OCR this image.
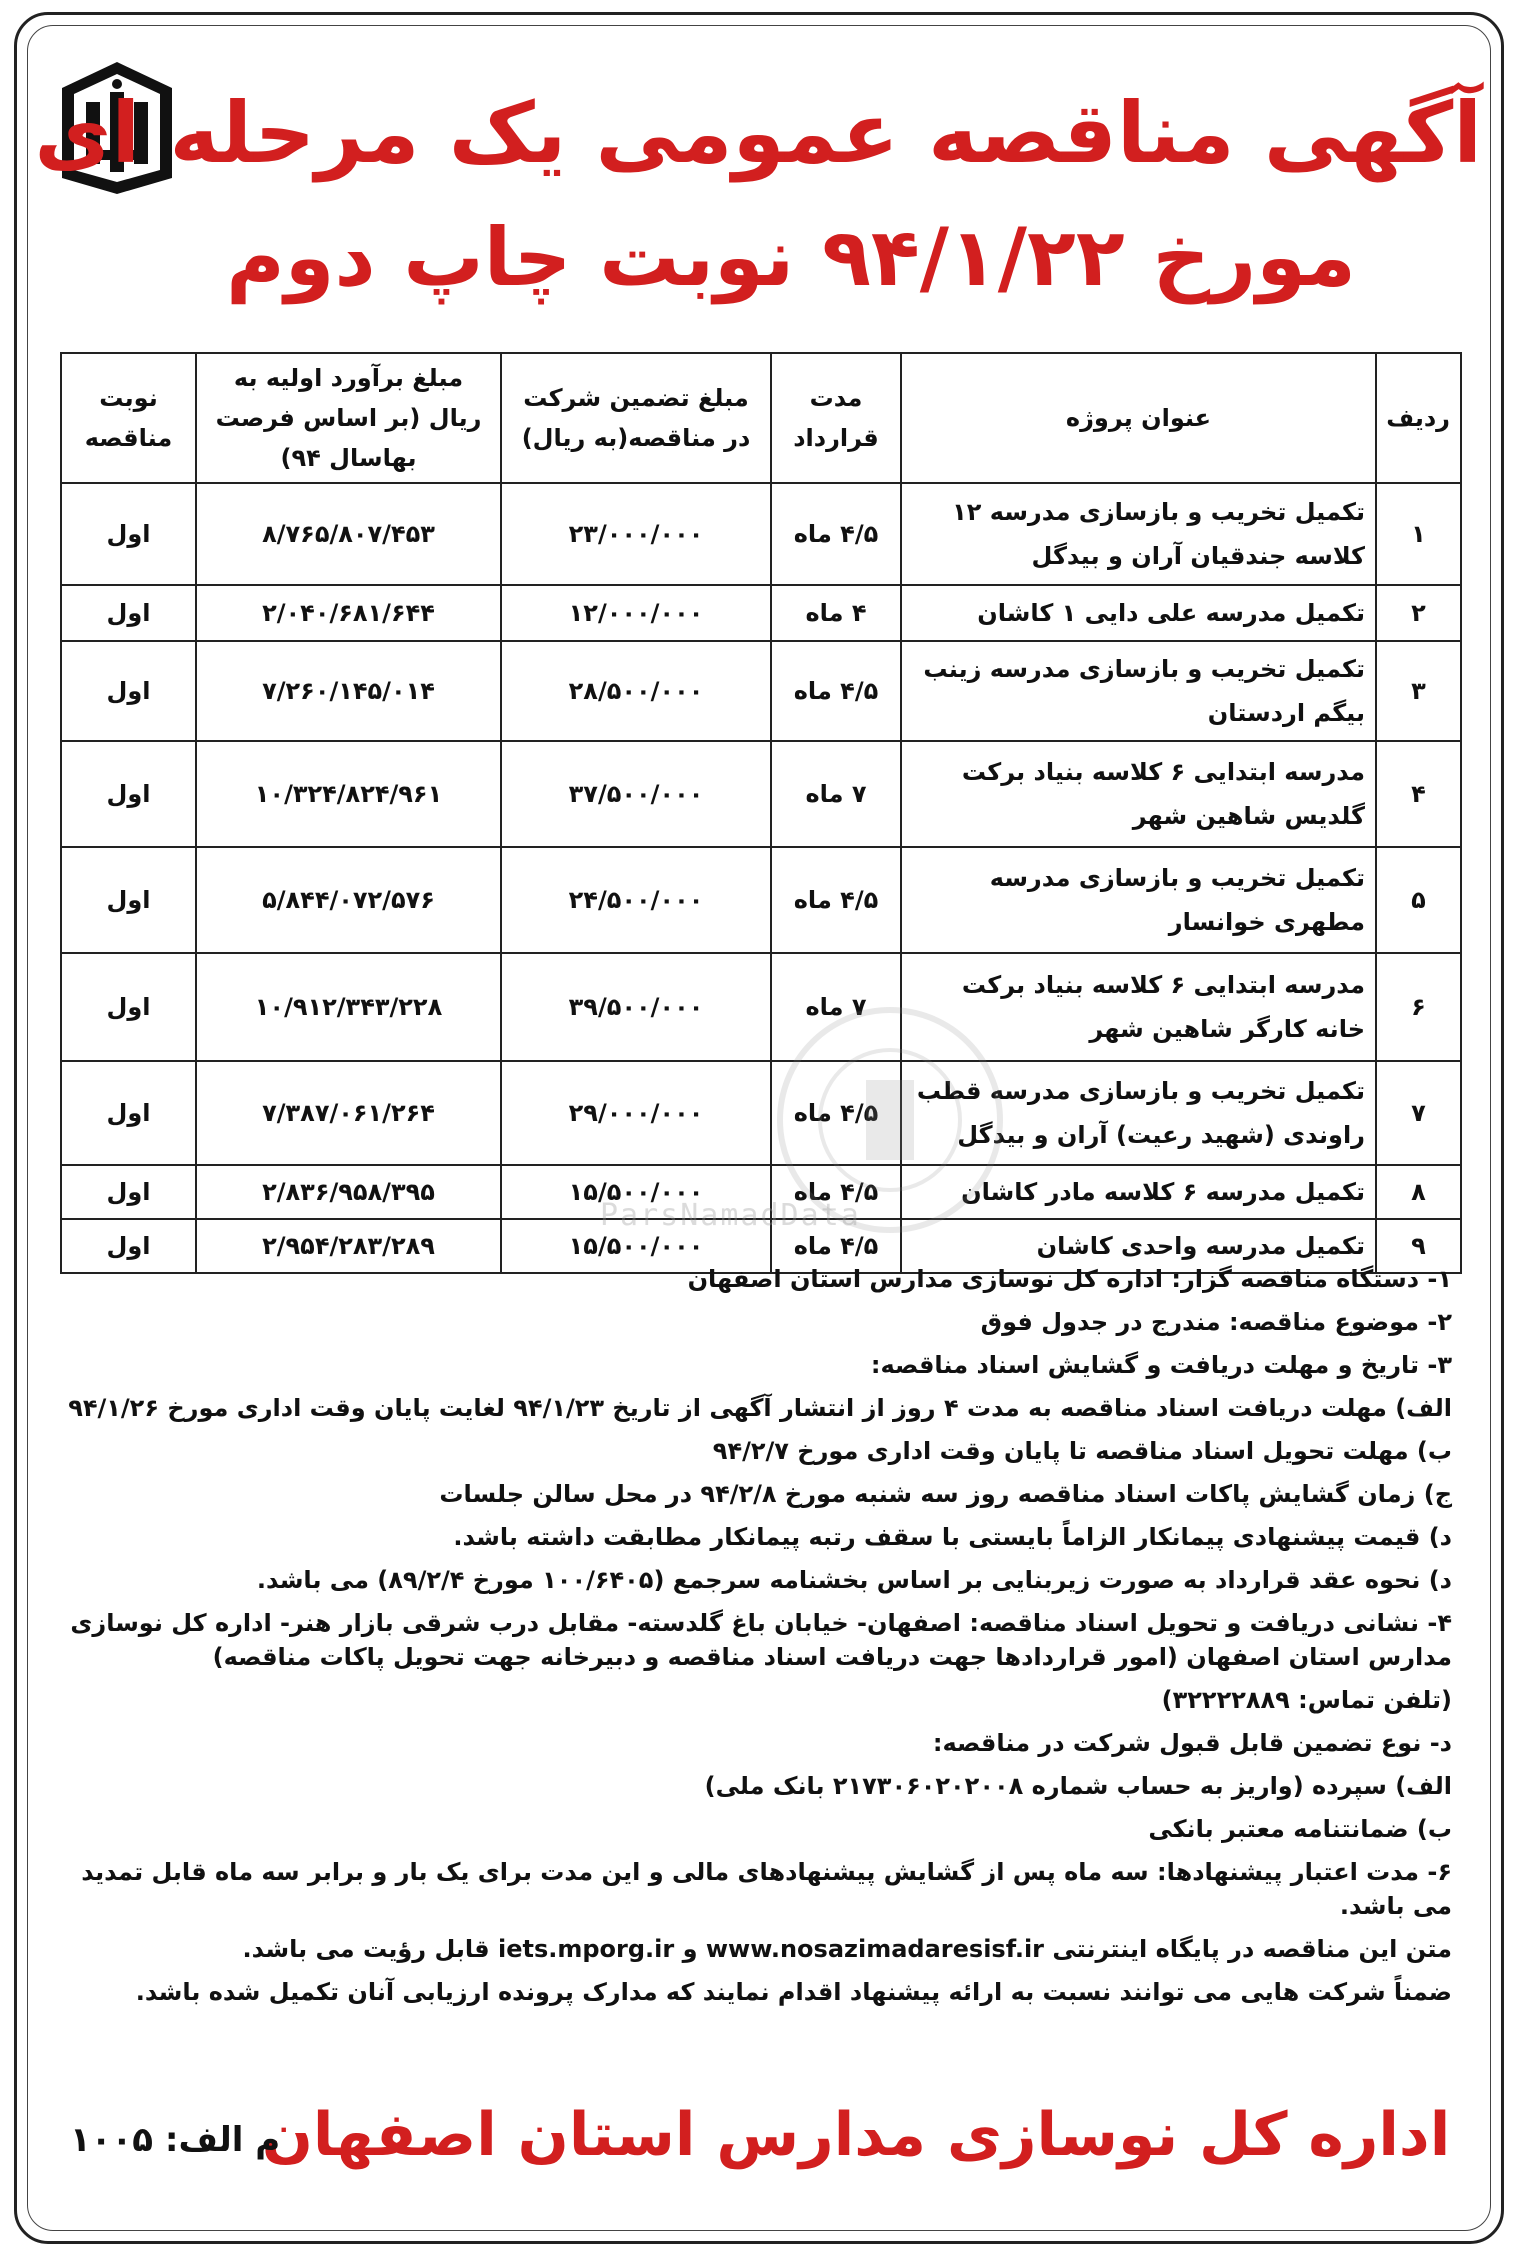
آگهی مناقصه عمومی یک مرحله ای
مورخ ۹۴/۱/۲۲ نوبت چاپ دوم
ردیف	عنوان پروژه	مدت قرارداد	مبلغ تضمین شرکت در مناقصه(به ریال)	مبلغ برآورد اولیه به ریال (بر اساس فرصت بهاسال ۹۴)	نوبت مناقصه
۱	تکمیل تخریب و بازسازی مدرسه ۱۲ کلاسه جندقیان آران و بیدگل	۴/۵ ماه	۲۳/۰۰۰/۰۰۰	۸/۷۶۵/۸۰۷/۴۵۳	اول
۲	تکمیل مدرسه علی دایی ۱ کاشان	۴ ماه	۱۲/۰۰۰/۰۰۰	۲/۰۴۰/۶۸۱/۶۴۴	اول
۳	تکمیل تخریب و بازسازی مدرسه زینب بیگم اردستان	۴/۵ ماه	۲۸/۵۰۰/۰۰۰	۷/۲۶۰/۱۴۵/۰۱۴	اول
۴	مدرسه ابتدایی ۶ کلاسه بنیاد برکت گلدیس شاهین شهر	۷ ماه	۳۷/۵۰۰/۰۰۰	۱۰/۳۲۴/۸۲۴/۹۶۱	اول
۵	تکمیل تخریب و بازسازی مدرسه مطهری خوانسار	۴/۵ ماه	۲۴/۵۰۰/۰۰۰	۵/۸۴۴/۰۷۲/۵۷۶	اول
۶	مدرسه ابتدایی ۶ کلاسه بنیاد برکت خانه کارگر شاهین شهر	۷ ماه	۳۹/۵۰۰/۰۰۰	۱۰/۹۱۲/۳۴۳/۲۲۸	اول
۷	تکمیل تخریب و بازسازی مدرسه قطب راوندی (شهید رعیت) آران و بیدگل	۴/۵ ماه	۲۹/۰۰۰/۰۰۰	۷/۳۸۷/۰۶۱/۲۶۴	اول
۸	تکمیل مدرسه ۶ کلاسه مادر کاشان	۴/۵ ماه	۱۵/۵۰۰/۰۰۰	۲/۸۳۶/۹۵۸/۳۹۵	اول
۹	تکمیل مدرسه واحدی کاشان	۴/۵ ماه	۱۵/۵۰۰/۰۰۰	۲/۹۵۴/۲۸۳/۲۸۹	اول
ParsNamadData

۱- دستگاه مناقصه گزار: اداره کل نوسازی مدارس استان اصفهان

۲- موضوع مناقصه: مندرج در جدول فوق

۳- تاریخ و مهلت دریافت و گشایش اسناد مناقصه:

الف) مهلت دریافت اسناد مناقصه به مدت ۴ روز از انتشار آگهی از تاریخ ۹۴/۱/۲۳ لغایت پایان وقت اداری مورخ ۹۴/۱/۲۶

ب) مهلت تحویل اسناد مناقصه تا پایان وقت اداری مورخ ۹۴/۲/۷

ج) زمان گشایش پاکات اسناد مناقصه روز سه شنبه مورخ ۹۴/۲/۸ در محل سالن جلسات

د) قیمت پیشنهادی پیمانکار الزاماً بایستی با سقف رتبه پیمانکار مطابقت داشته باشد.

د) نحوه عقد قرارداد به صورت زیربنایی بر اساس بخشنامه سرجمع (۱۰۰/۶۴۰۵ مورخ ۸۹/۲/۴) می باشد.

۴- نشانی دریافت و تحویل اسناد مناقصه: اصفهان- خیابان باغ گلدسته- مقابل درب شرقی بازار هنر- اداره کل نوسازی مدارس استان اصفهان (امور قراردادها جهت دریافت اسناد مناقصه و دبیرخانه جهت تحویل پاکات مناقصه)

(تلفن تماس: ۳۲۲۲۲۸۸۹)

د- نوع تضمین قابل قبول شرکت در مناقصه:

الف) سپرده (واریز به حساب شماره ۲۱۷۳۰۶۰۲۰۲۰۰۸ بانک ملی)

ب) ضمانتنامه معتبر بانکی

۶- مدت اعتبار پیشنهادها: سه ماه پس از گشایش پیشنهادهای مالی و این مدت برای یک بار و برابر سه ماه قابل تمدید می باشد.

متن این مناقصه در پایگاه اینترنتی www.nosazimadaresisf.ir و iets.mporg.ir قابل رؤیت می باشد.

ضمناً شرکت هایی می توانند نسبت به ارائه پیشنهاد اقدام نمایند که مدارک پرونده ارزیابی آنان تکمیل شده باشد.

اداره کل نوسازی مدارس استان اصفهان
م الف: ۱۰۰۵
